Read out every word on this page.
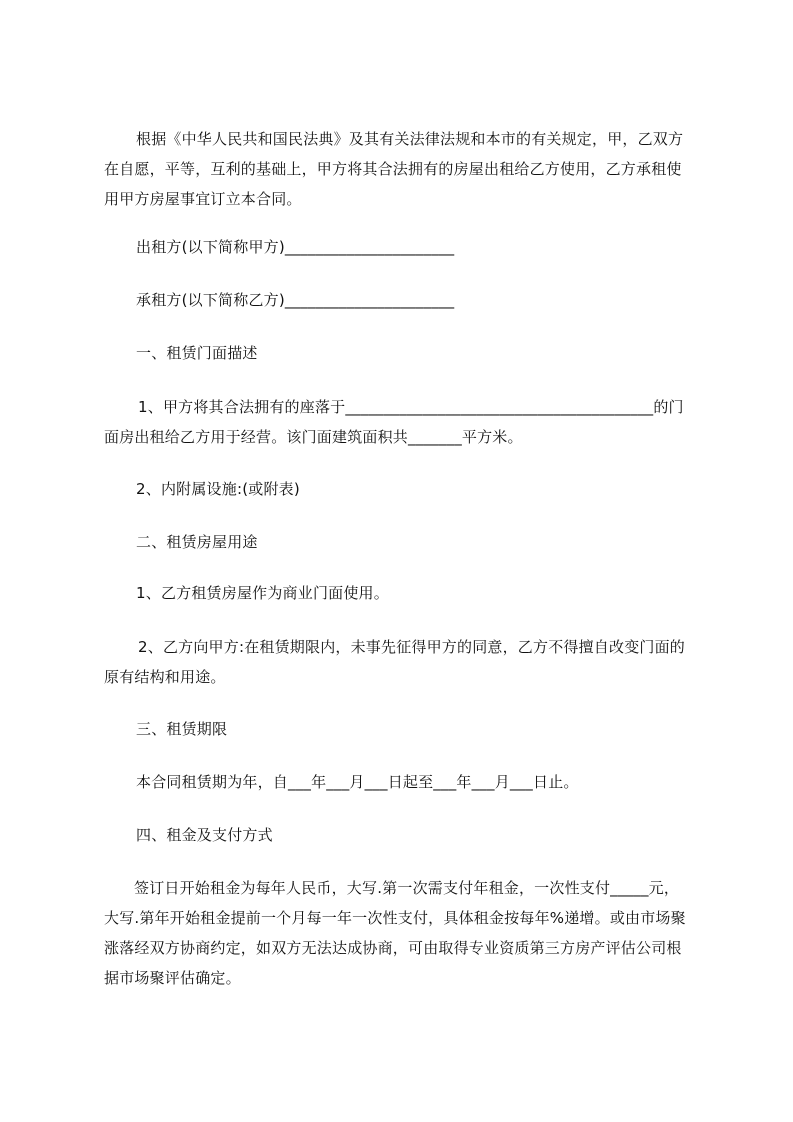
根据《中华人民共和国民法典》及其有关法律法规和本市的有关规定，甲，乙双方在自愿，平等，互利的基础上，甲方将其合法拥有的房屋出租给乙方使用，乙方承租使用甲方房屋事宜订立本合同。

出租方(以下简称甲方)______________________

承租方(以下简称乙方)______________________

一、租赁门面描述

1、甲方将其合法拥有的座落于________________________________________的门面房出租给乙方用于经营。该门面建筑面积共_______平方米。

2、内附属设施:(或附表)

二、租赁房屋用途

1、乙方租赁房屋作为商业门面使用。

2、乙方向甲方:在租赁期限内，未事先征得甲方的同意，乙方不得擅自改变门面的原有结构和用途。

三、租赁期限

本合同租赁期为年，自___年___月___日起至___年___月___日止。

四、租金及支付方式

签订日开始租金为每年人民币，大写.第一次需支付年租金，一次性支付_____元，大写.第年开始租金提前一个月每一年一次性支付，具体租金按每年%递增。或由市场聚涨落经双方协商约定，如双方无法达成协商，可由取得专业资质第三方房产评估公司根据市场聚评估确定。
